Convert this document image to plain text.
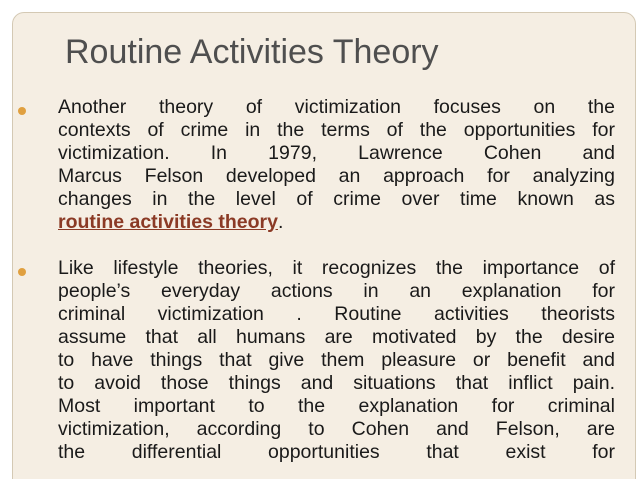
Routine Activities Theory
Another theory of victimization focuses on the
contexts of crime in the terms of the opportunities for
victimization. In 1979, Lawrence Cohen and
Marcus Felson developed an approach for analyzing
changes in the level of crime over time known as
routine activities theory.
Like lifestyle theories, it recognizes the importance of
people’s everyday actions in an explanation for
criminal victimization . Routine activities theorists
assume that all humans are motivated by the desire
to have things that give them pleasure or benefit and
to avoid those things and situations that inflict pain.
Most important to the explanation for criminal
victimization, according to Cohen and Felson, are
the differential opportunities that exist for
